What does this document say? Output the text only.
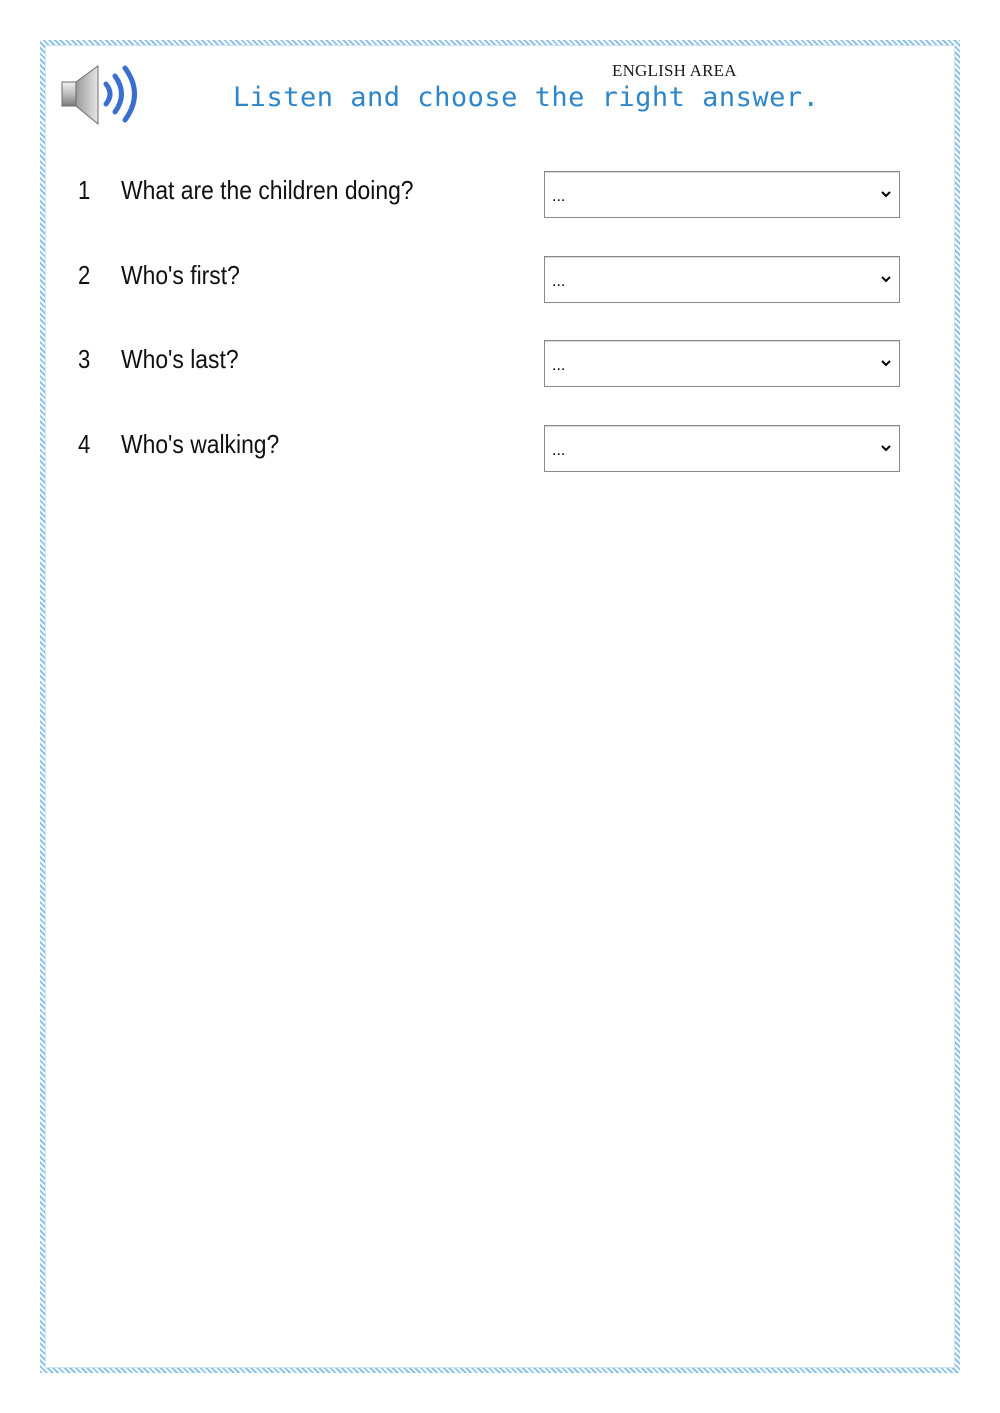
ENGLISH AREA
Listen and choose the right answer.
1 What are the children doing?	...
2 Who's first?	...
3 Who's last?	...
4 Who's walking?	...
